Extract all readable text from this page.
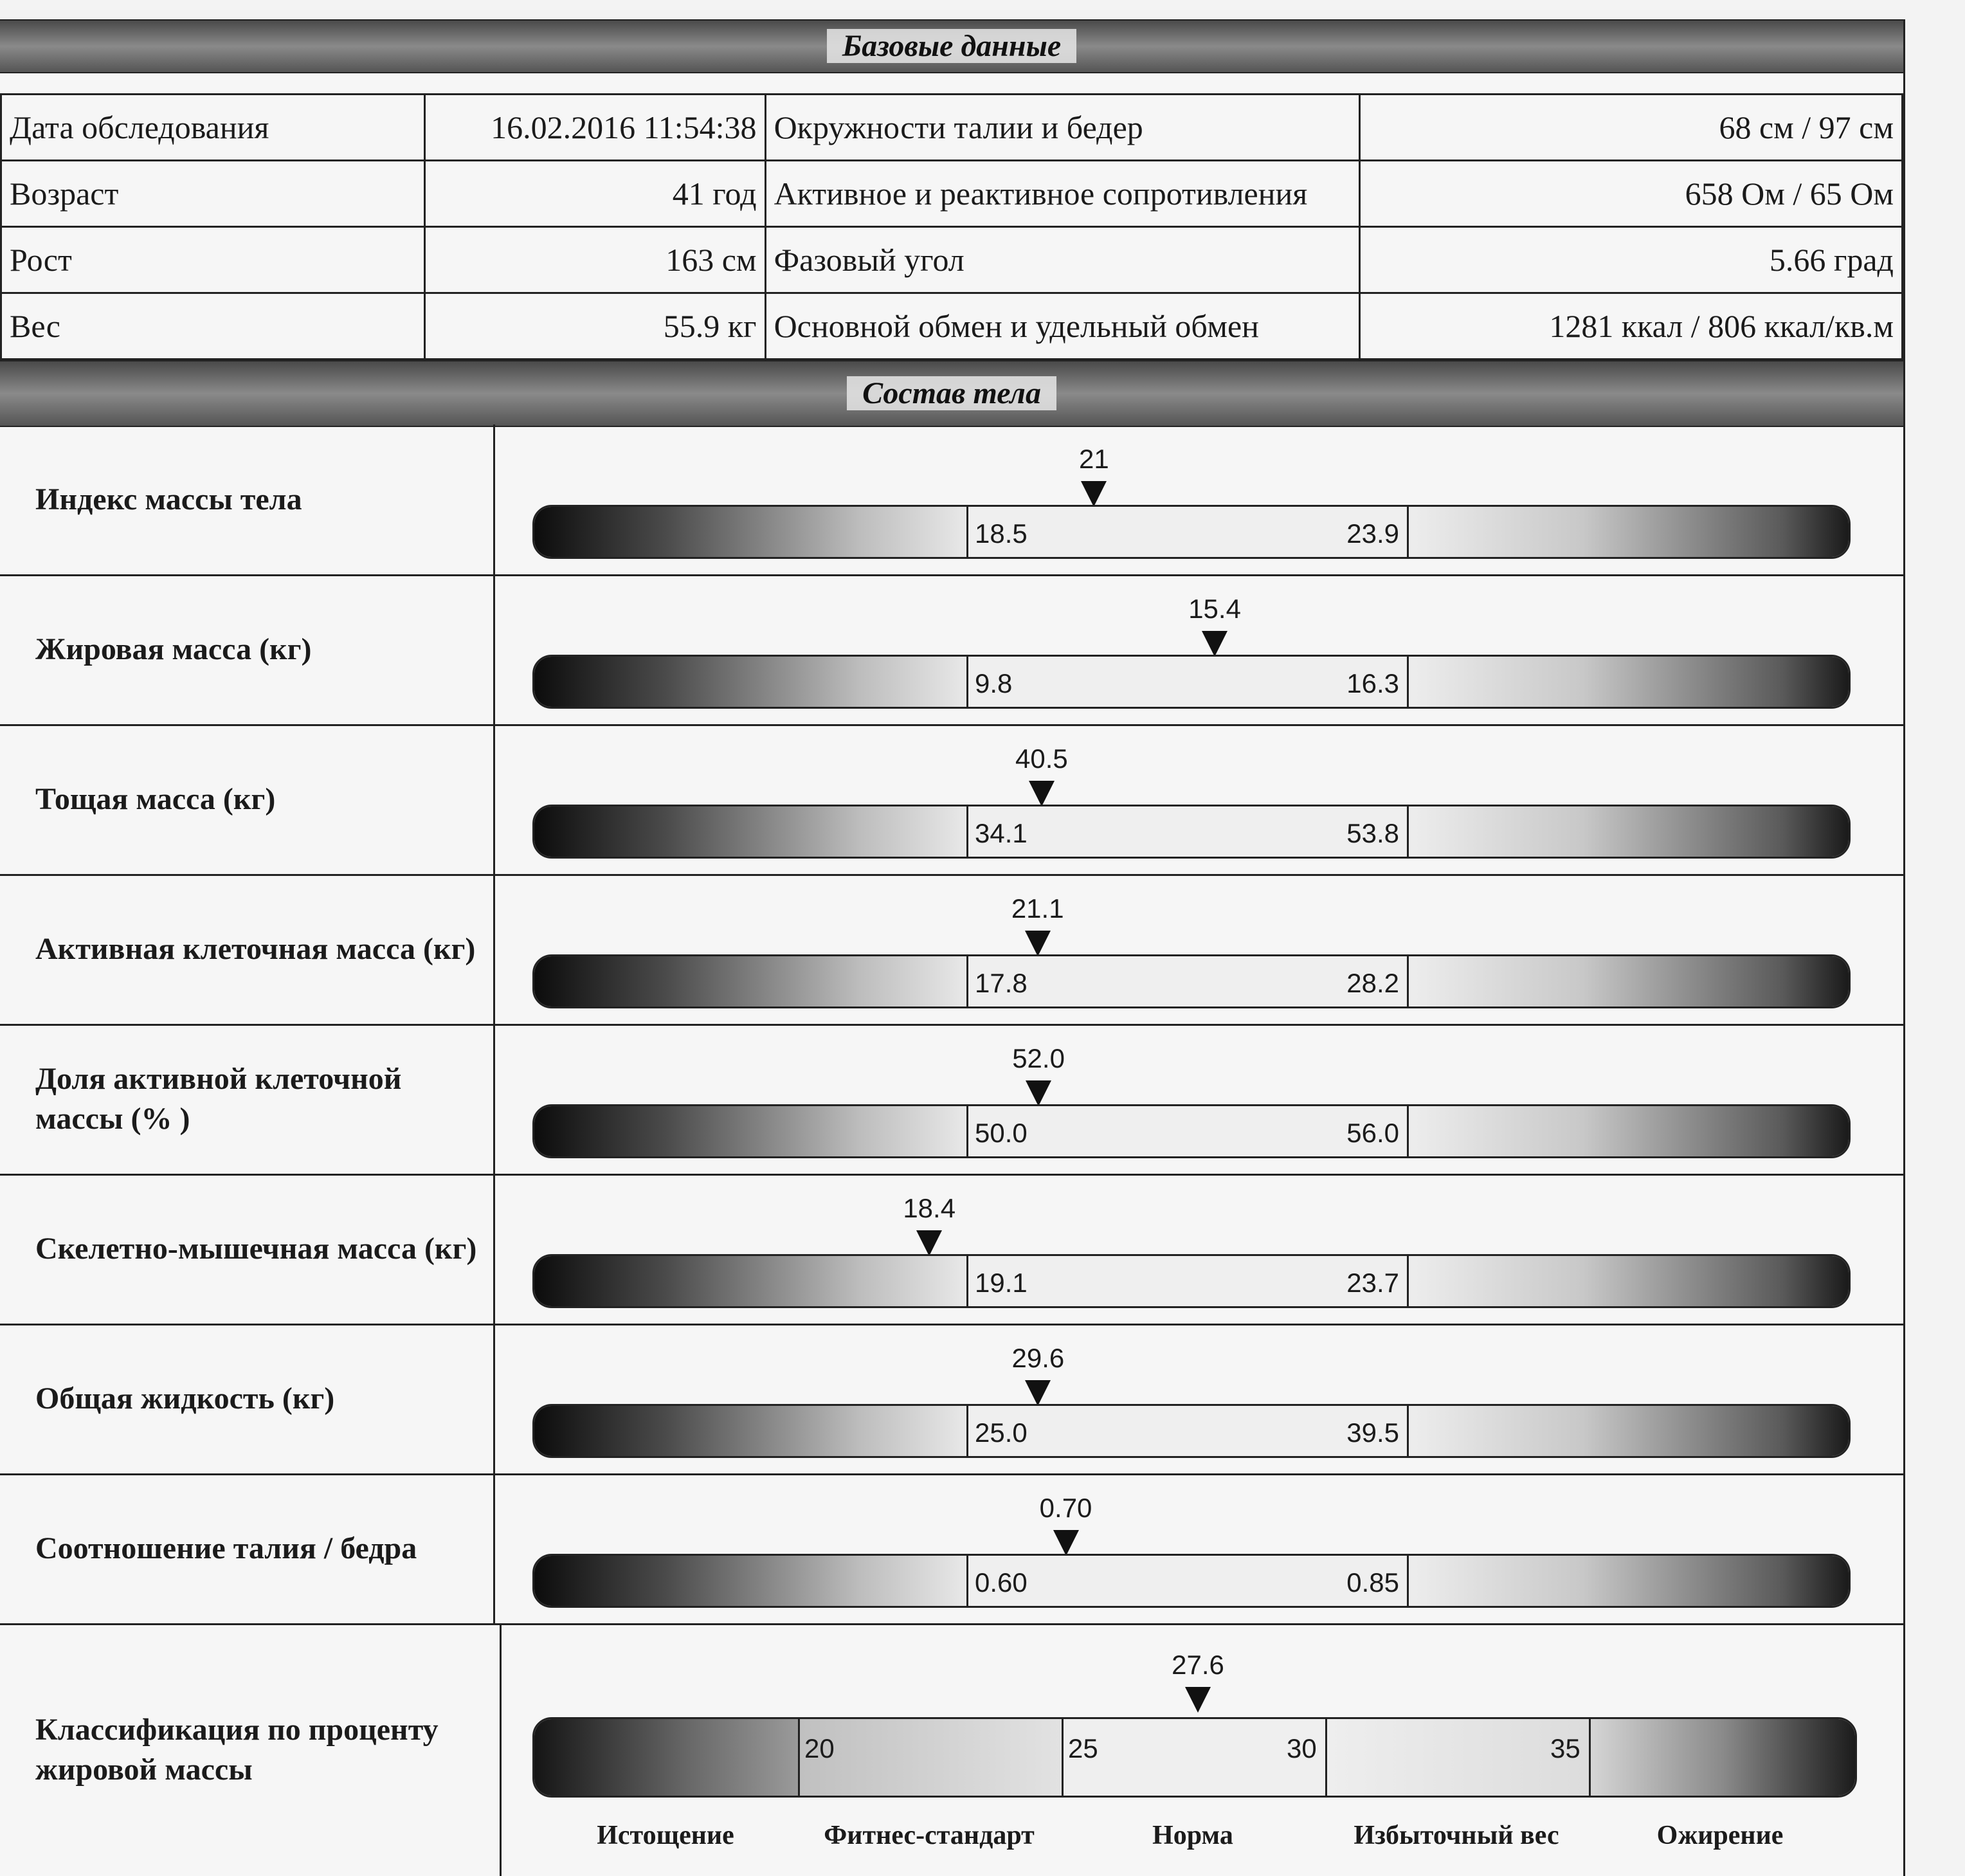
Базовые данные
Дата обследования	16.02.2016 11:54:38	Окружности талии и бедер	68 см / 97 см
Возраст	41 год	Активное и реактивное сопротивления	658 Ом / 65 Ом
Рост	163 см	Фазовый угол	5.66 град
Вес	55.9 кг	Основной обмен и удельный обмен	1281 ккал / 806 ккал/кв.м
Состав тела
Индекс массы тела
21
18.5	23.9
Жировая масса (кг)
15.4
9.8	16.3
Тощая масса (кг)
40.5
34.1	53.8
Активная клеточная масса (кг)
21.1
17.8	28.2
Доля активной клеточной массы (% )
52.0
50.0	56.0
Скелетно-мышечная масса (кг)
18.4
19.1	23.7
Общая жидкость (кг)
29.6
25.0	39.5
Соотношение талия / бедра
0.70
0.60	0.85
Классификация по проценту жировой массы
27.6
20	25	30	35
Истощение	Фитнес-стандарт	Норма	Избыточный вес	Ожирение
